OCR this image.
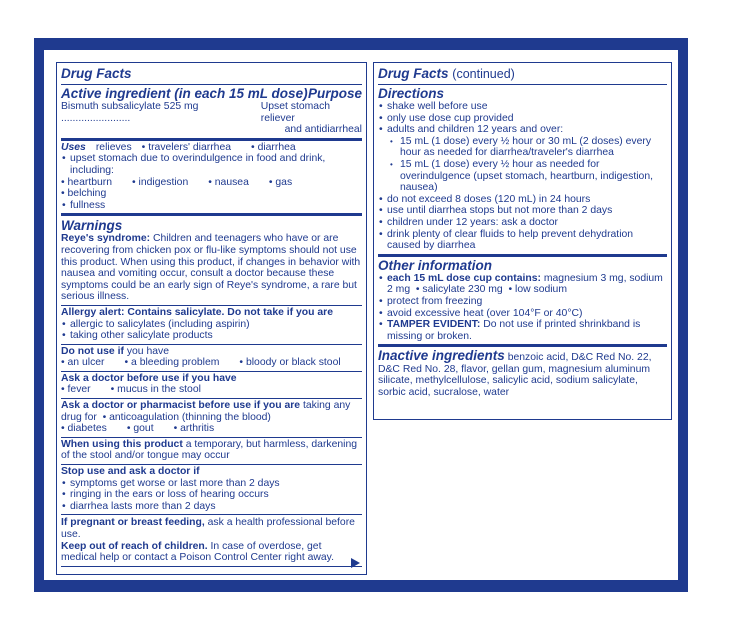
Drug Facts
Active ingredient (in each 15 mL dose) Purpose

Bismuth subsalicylate 525 mg ........................

Upset stomach reliever

and antidiarrheal

Uses relieves • travelers' diarrhea	• diarrhea
• upset stomach due to overindulgence in food and drink, including:
• heartburn	• indigestion	• nausea	• gas
• belching
• fullness
Warnings

Reye's syndrome: Children and teenagers who have or are recovering from chicken pox or flu-like symptoms should not use this product. When using this product, if changes in behavior with nausea and vomiting occur, consult a doctor because these symptoms could be an early sign of Reye's syndrome, a rare but serious illness.

Allergy alert: Contains salicylate. Do not take if you are

• allergic to salicylates (including aspirin)
• taking other salicylate products

Do not use if you have

• an ulcer	• a bleeding problem	• bloody or black stool

Ask a doctor before use if you have

• fever	• mucus in the stool

Ask a doctor or pharmacist before use if you are taking any drug for  • anticoagulation (thinning the blood)

• diabetes	• gout	• arthritis

When using this product a temporary, but harmless, darkening of the stool and/or tongue may occur

Stop use and ask a doctor if

• symptoms get worse or last more than 2 days
• ringing in the ears or loss of hearing occurs
• diarrhea lasts more than 2 days

If pregnant or breast feeding, ask a health professional before use.

Keep out of reach of children. In case of overdose, get medical help or contact a Poison Control Center right away.

Drug Facts (continued)
Directions
• shake well before use
• only use dose cup provided
• adults and children 12 years and over:
• 15 mL (1 dose) every ½ hour or 30 mL (2 doses) every hour as needed for diarrhea/traveler's diarrhea
• 15 mL (1 dose) every ½ hour as needed for overindulgence (upset stomach, heartburn, indigestion, nausea)
• do not exceed 8 doses (120 mL) in 24 hours
• use until diarrhea stops but not more than 2 days
• children under 12 years: ask a doctor
• drink plenty of clear fluids to help prevent dehydration caused by diarrhea
Other information
• each 15 mL dose cup contains: magnesium 3 mg, sodium 2 mg  • salicylate 230 mg  • low sodium
• protect from freezing
• avoid excessive heat (over 104°F or 40°C)
• TAMPER EVIDENT: Do not use if printed shrinkband is missing or broken.

Inactive ingredients benzoic acid, D&C Red No. 22, D&C Red No. 28, flavor, gellan gum, magnesium aluminum silicate, methylcellulose, salicylic acid, sodium salicylate, sorbic acid, sucralose, water
